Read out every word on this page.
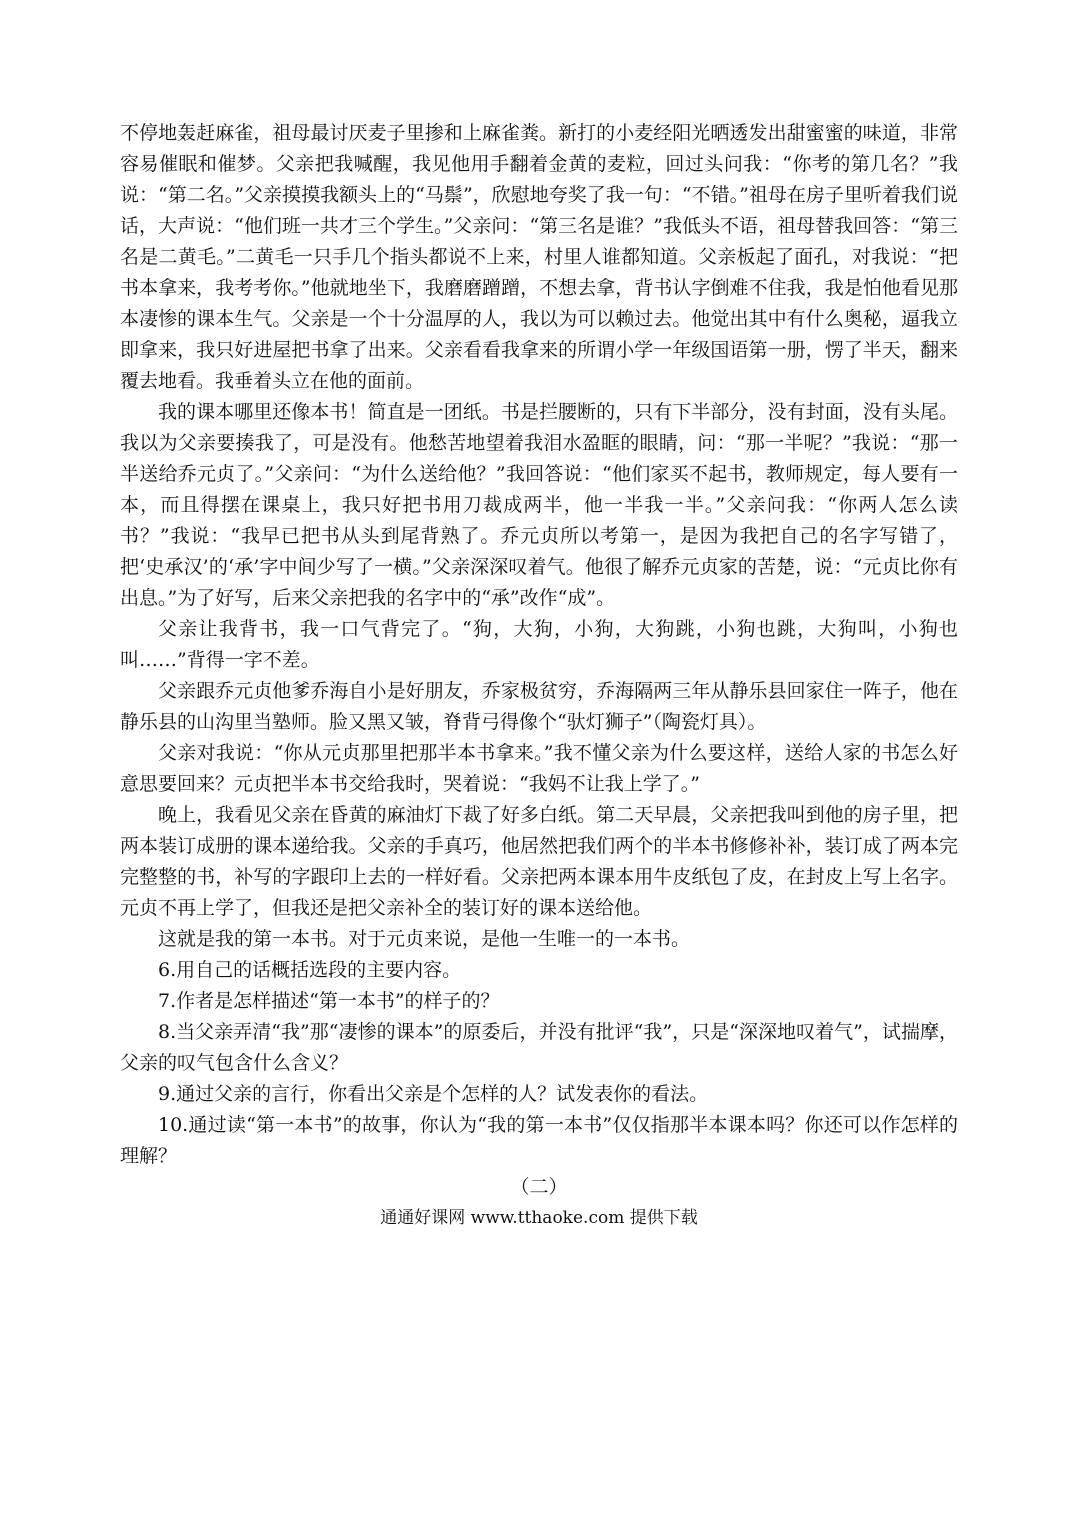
不停地轰赶麻雀，祖母最讨厌麦子里掺和上麻雀粪。新打的小麦经阳光晒透发出甜蜜蜜的味道，非常容易催眠和催梦。父亲把我喊醒，我见他用手翻着金黄的麦粒，回过头问我：“你考的第几名？”我说：“第二名。”父亲摸摸我额头上的“马鬃”，欣慰地夸奖了我一句：“不错。”祖母在房子里听着我们说话，大声说：“他们班一共才三个学生。”父亲问：“第三名是谁？”我低头不语，祖母替我回答：“第三名是二黄毛。”二黄毛一只手几个指头都说不上来，村里人谁都知道。父亲板起了面孔，对我说：“把书本拿来，我考考你。”他就地坐下，我磨磨蹭蹭，不想去拿，背书认字倒难不住我，我是怕他看见那本凄惨的课本生气。父亲是一个十分温厚的人，我以为可以赖过去。他觉出其中有什么奥秘，逼我立即拿来，我只好进屋把书拿了出来。父亲看看我拿来的所谓小学一年级国语第一册，愣了半天，翻来覆去地看。我垂着头立在他的面前。

我的课本哪里还像本书！简直是一团纸。书是拦腰断的，只有下半部分，没有封面，没有头尾。我以为父亲要揍我了，可是没有。他愁苦地望着我泪水盈眶的眼睛，问：“那一半呢？”我说：“那一半送给乔元贞了。”父亲问：“为什么送给他？”我回答说：“他们家买不起书，教师规定，每人要有一本，而且得摆在课桌上，我只好把书用刀裁成两半，他一半我一半。”父亲问我：“你两人怎么读书？”我说：“我早已把书从头到尾背熟了。乔元贞所以考第一，是因为我把自己的名字写错了，把‘史承汉’的‘承’字中间少写了一横。”父亲深深叹着气。他很了解乔元贞家的苦楚，说：“元贞比你有出息。”为了好写，后来父亲把我的名字中的“承”改作“成”。

父亲让我背书，我一口气背完了。“狗，大狗，小狗，大狗跳，小狗也跳，大狗叫，小狗也叫……”背得一字不差。

父亲跟乔元贞他爹乔海自小是好朋友，乔家极贫穷，乔海隔两三年从静乐县回家住一阵子，他在静乐县的山沟里当塾师。脸又黑又皱，脊背弓得像个“驮灯狮子”（陶瓷灯具）。

父亲对我说：“你从元贞那里把那半本书拿来。”我不懂父亲为什么要这样，送给人家的书怎么好意思要回来？元贞把半本书交给我时，哭着说：“我妈不让我上学了。”

晚上，我看见父亲在昏黄的麻油灯下裁了好多白纸。第二天早晨，父亲把我叫到他的房子里，把两本装订成册的课本递给我。父亲的手真巧，他居然把我们两个的半本书修修补补，装订成了两本完完整整的书，补写的字跟印上去的一样好看。父亲把两本课本用牛皮纸包了皮，在封皮上写上名字。元贞不再上学了，但我还是把父亲补全的装订好的课本送给他。

这就是我的第一本书。对于元贞来说，是他一生唯一的一本书。

6.用自己的话概括选段的主要内容。

7.作者是怎样描述“第一本书”的样子的？

8.当父亲弄清“我”那“凄惨的课本”的原委后，并没有批评“我”，只是“深深地叹着气”，试揣摩，父亲的叹气包含什么含义？

9.通过父亲的言行，你看出父亲是个怎样的人？试发表你的看法。

10.通过读“第一本书”的故事，你认为“我的第一本书”仅仅指那半本课本吗？你还可以作怎样的理解？

（二）

通通好课网 www.tthaoke.com 提供下载
